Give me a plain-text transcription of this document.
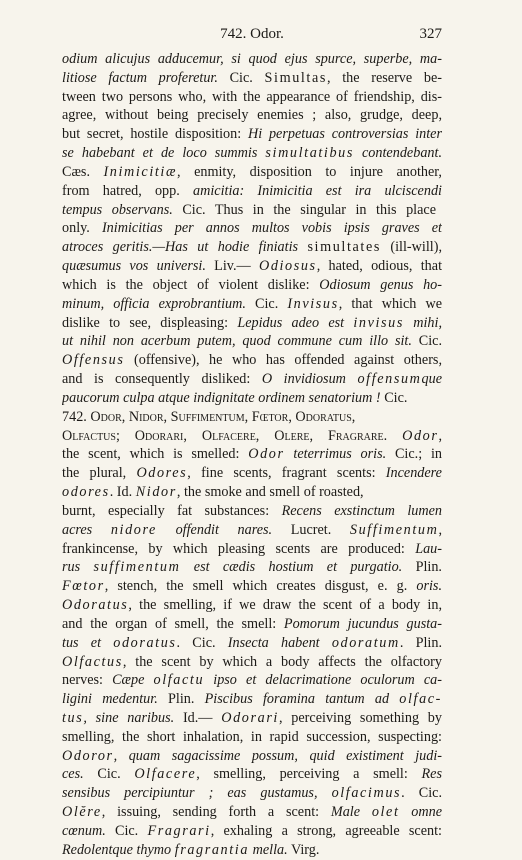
742. Odor.	327
odium alicujus adducemur, si quod ejus spurce, superbe, ma-
litiose factum proferetur. Cic. Simultas, the reserve be-
tween two persons who, with the appearance of friendship, dis-
agree, without being precisely enemies ; also, grudge, deep,
but secret, hostile disposition: Hi perpetuas controversias inter
se habebant et de loco summis simultatibus contendebant.
Cæs. Inimicitiæ, enmity, disposition to injure another,
from hatred, opp. amicitia: Inimicitia est ira ulciscendi
tempus observans. Cic. Thus in the singular in this place
only. Inimicitias per annos multos vobis ipsis graves et
atroces geritis.—Has ut hodie finiatis simultates (ill-will),
quæsumus vos universi. Liv.— Odiosus, hated, odious, that
which is the object of violent dislike: Odiosum genus ho-
minum, officia exprobrantium. Cic. Invisus, that which we
dislike to see, displeasing: Lepidus adeo est invisus mihi,
ut nihil non acerbum putem, quod commune cum illo sit. Cic.
Offensus (offensive), he who has offended against others,
and is consequently disliked: O invidiosum offensumque
paucorum culpa atque indignitate ordinem senatorium ! Cic.
742. Odor, Nidor, Suffimentum, Fœtor, Odoratus,
Olfactus; Odorari, Olfacere, Olere, Fragrare. Odor,
the scent, which is smelled: Odor teterrimus oris. Cic.; in
the plural, Odores, fine scents, fragrant scents: Incendere
odores. Id. Nidor, the smoke and smell of roasted,
burnt, especially fat substances: Recens exstinctum lumen
acres nidore offendit nares. Lucret. Suffimentum,
frankincense, by which pleasing scents are produced: Lau-
rus suffimentum est cædis hostium et purgatio. Plin.
Fœtor, stench, the smell which creates disgust, e. g. oris.
Odoratus, the smelling, if we draw the scent of a body in,
and the organ of smell, the smell: Pomorum jucundus gusta-
tus et odoratus. Cic. Insecta habent odoratum. Plin.
Olfactus, the scent by which a body affects the olfactory
nerves: Cæpe olfactu ipso et delacrimatione oculorum ca-
ligini medentur. Plin. Piscibus foramina tantum ad olfac-
tus, sine naribus. Id.— Odorari, perceiving something by
smelling, the short inhalation, in rapid succession, suspecting:
Odoror, quam sagacissime possum, quid existiment judi-
ces. Cic. Olfacere, smelling, perceiving a smell: Res
sensibus percipiuntur ; eas gustamus, olfacimus. Cic.
Olĕre, issuing, sending forth a scent: Male olet omne
cœnum. Cic. Fragrari, exhaling a strong, agreeable scent:
Redolentque thymo fragrantia mella. Virg.
